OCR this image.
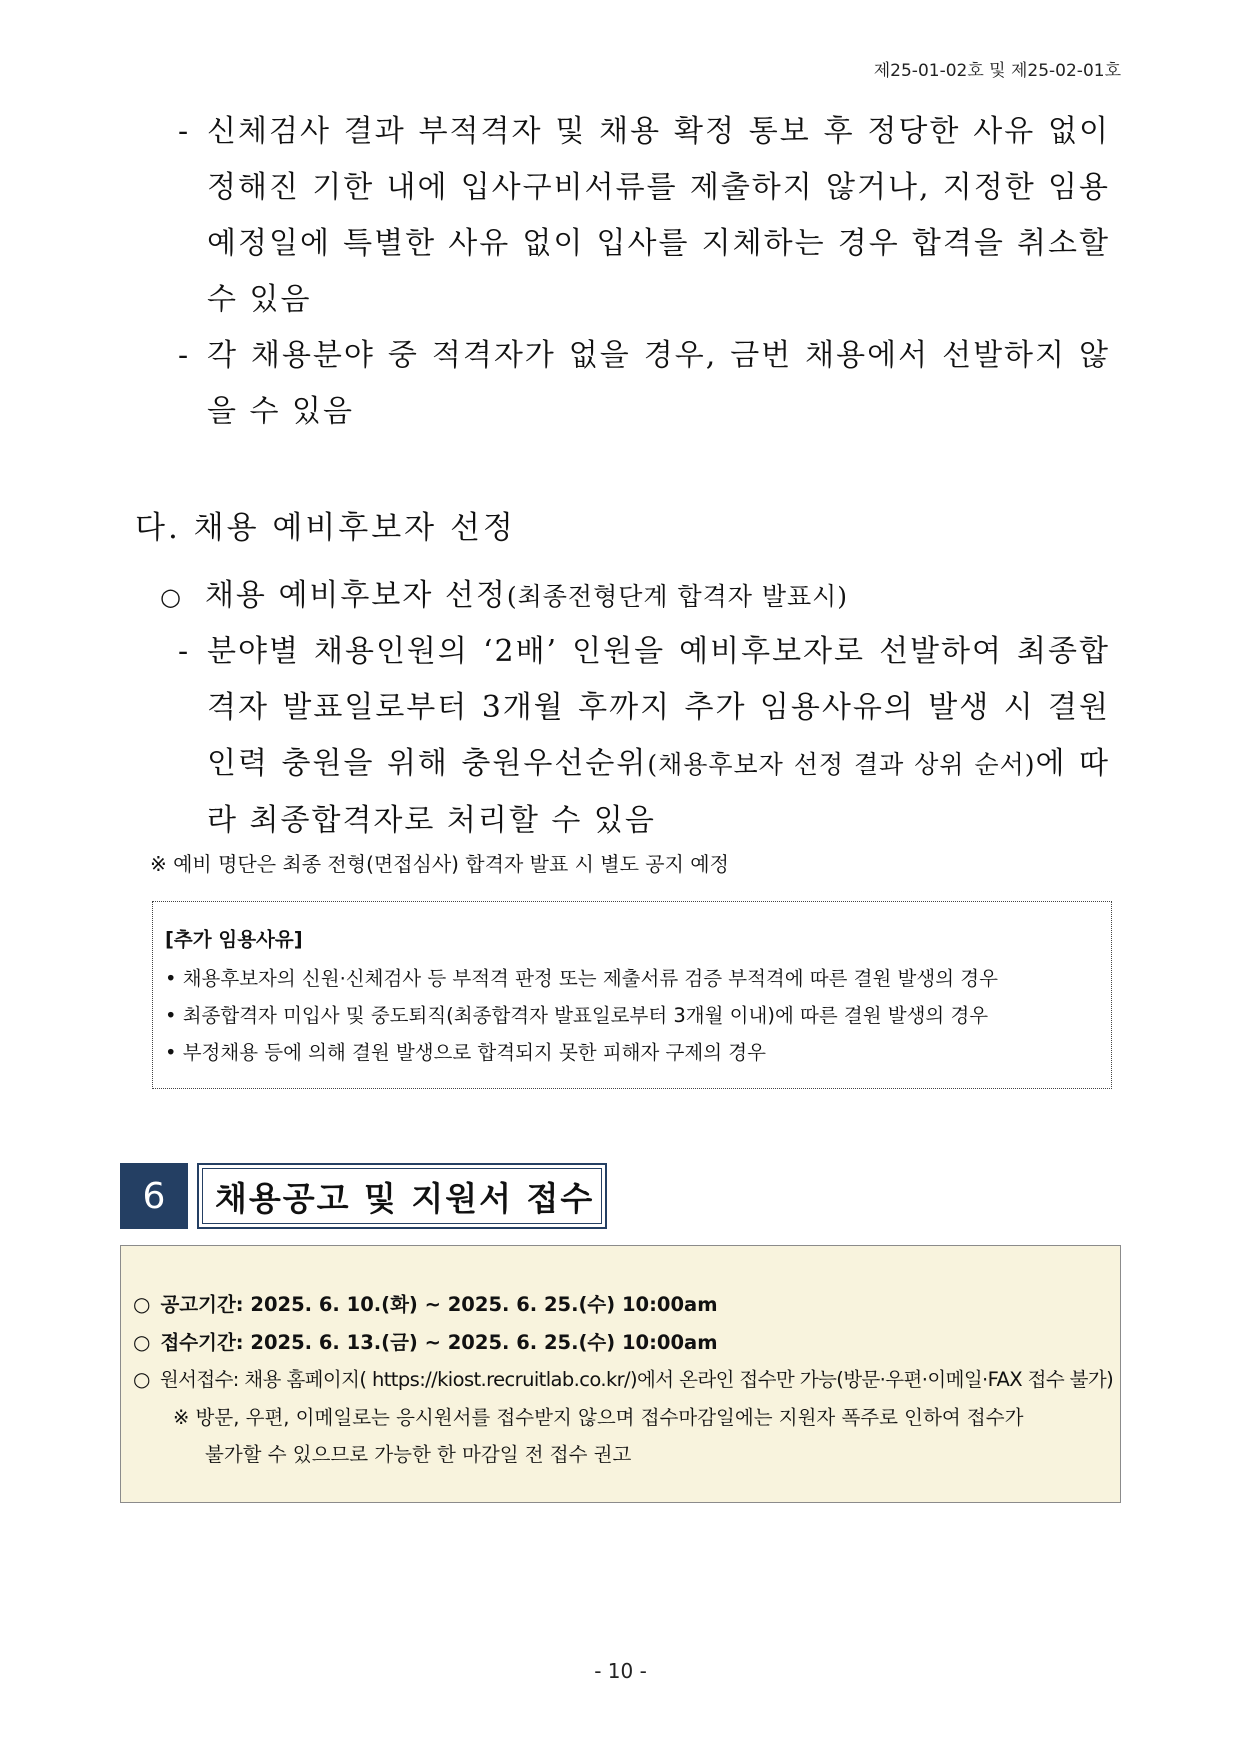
제25-01-02호 및 제25-02-01호
- 신체검사 결과 부적격자 및 채용 확정 통보 후 정당한 사유 없이 정해진 기한 내에 입사구비서류를 제출하지 않거나, 지정한 임용 예정일에 특별한 사유 없이 입사를 지체하는 경우 합격을 취소할 수 있음
- 각 채용분야 중 적격자가 없을 경우, 금번 채용에서 선발하지 않을 수 있음
다. 채용 예비후보자 선정
○ 채용 예비후보자 선정(최종전형단계 합격자 발표시)
- 분야별 채용인원의 ‘2배’ 인원을 예비후보자로 선발하여 최종합격자 발표일로부터 3개월 후까지 추가 임용사유의 발생 시 결원인력 충원을 위해 충원우선순위(채용후보자 선정 결과 상위 순서)에 따라 최종합격자로 처리할 수 있음
※ 예비 명단은 최종 전형(면접심사) 합격자 발표 시 별도 공지 예정
[추가 임용사유]
• 채용후보자의 신원·신체검사 등 부적격 판정 또는 제출서류 검증 부적격에 따른 결원 발생의 경우
• 최종합격자 미입사 및 중도퇴직(최종합격자 발표일로부터 3개월 이내)에 따른 결원 발생의 경우
• 부정채용 등에 의해 결원 발생으로 합격되지 못한 피해자 구제의 경우
6	채용공고 및 지원서 접수
○ 공고기간: 2025. 6. 10.(화) ~ 2025. 6. 25.(수) 10:00am
○ 접수기간: 2025. 6. 13.(금) ~ 2025. 6. 25.(수) 10:00am
○ 원서접수: 채용 홈페이지( https://kiost.recruitlab.co.kr/)에서 온라인 접수만 가능(방문·우편·이메일·FAX 접수 불가)
※ 방문, 우편, 이메일로는 응시원서를 접수받지 않으며 접수마감일에는 지원자 폭주로 인하여 접수가
불가할 수 있으므로 가능한 한 마감일 전 접수 권고
- 10 -
